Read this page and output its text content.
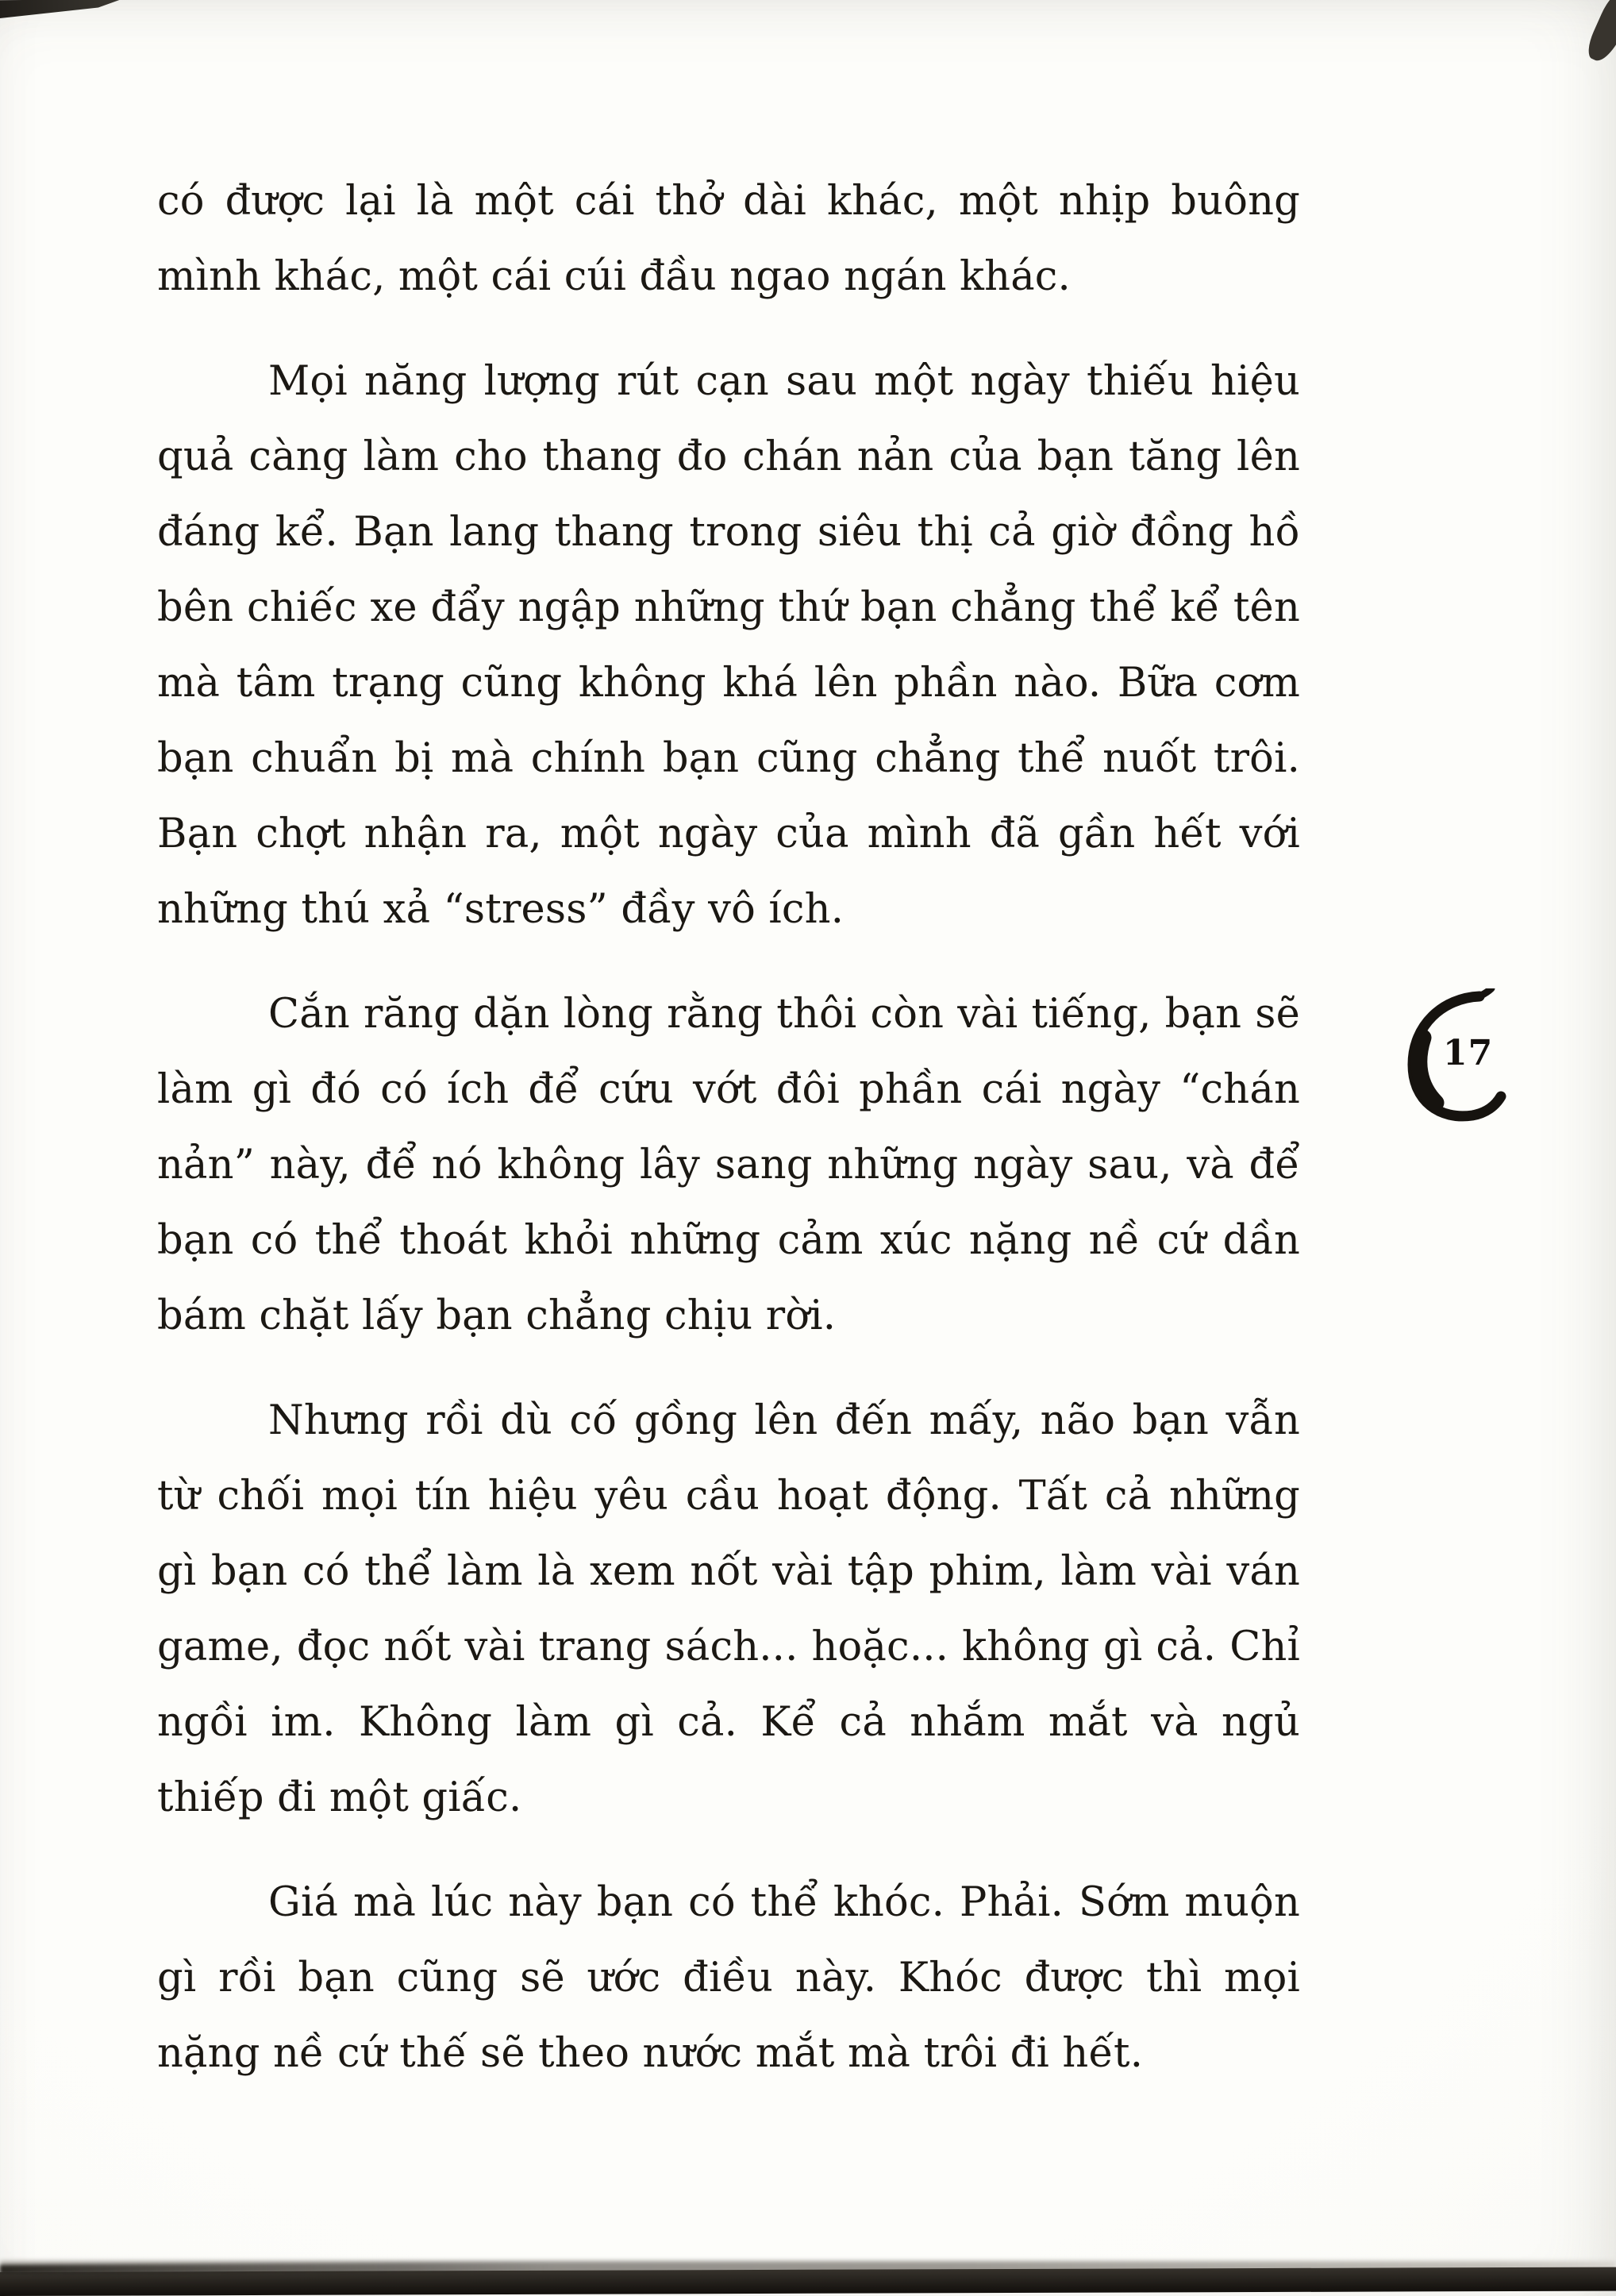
có được lại là một cái thở dài khác, một nhịp buông mình khác, một cái cúi đầu ngao ngán khác.

Mọi năng lượng rút cạn sau một ngày thiếu hiệu quả càng làm cho thang đo chán nản của bạn tăng lên đáng kể. Bạn lang thang trong siêu thị cả giờ đồng hồ bên chiếc xe đẩy ngập những thứ bạn chẳng thể kể tên mà tâm trạng cũng không khá lên phần nào. Bữa cơm bạn chuẩn bị mà chính bạn cũng chẳng thể nuốt trôi. Bạn chợt nhận ra, một ngày của mình đã gần hết với những thú xả “stress” đầy vô ích.

Cắn răng dặn lòng rằng thôi còn vài tiếng, bạn sẽ làm gì đó có ích để cứu vớt đôi phần cái ngày “chán nản” này, để nó không lây sang những ngày sau, và để bạn có thể thoát khỏi những cảm xúc nặng nề cứ dần bám chặt lấy bạn chẳng chịu rời.

Nhưng rồi dù cố gồng lên đến mấy, não bạn vẫn từ chối mọi tín hiệu yêu cầu hoạt động. Tất cả những gì bạn có thể làm là xem nốt vài tập phim, làm vài ván game, đọc nốt vài trang sách... hoặc... không gì cả. Chỉ ngồi im. Không làm gì cả. Kể cả nhắm mắt và ngủ thiếp đi một giấc.

Giá mà lúc này bạn có thể khóc. Phải. Sớm muộn gì rồi bạn cũng sẽ ước điều này. Khóc được thì mọi nặng nề cứ thế sẽ theo nước mắt mà trôi đi hết.

17
